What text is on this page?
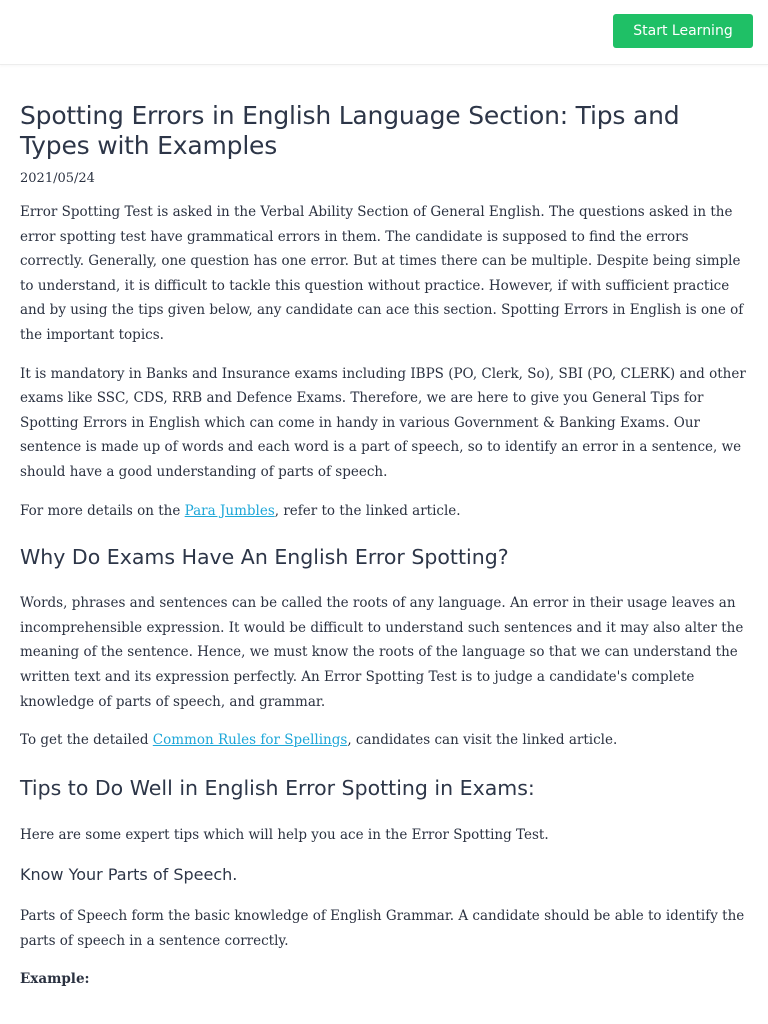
Start Learning
Spotting Errors in English Language Section: Tips and Types with Examples
2021/05/24

Error Spotting Test is asked in the Verbal Ability Section of General English. The questions asked in the error spotting test have grammatical errors in them. The candidate is supposed to find the errors correctly. Generally, one question has one error. But at times there can be multiple. Despite being simple to understand, it is difficult to tackle this question without practice. However, if with sufficient practice and by using the tips given below, any candidate can ace this section. Spotting Errors in English is one of the important topics.

It is mandatory in Banks and Insurance exams including IBPS (PO, Clerk, So), SBI (PO, CLERK) and other exams like SSC, CDS, RRB and Defence Exams. Therefore, we are here to give you General Tips for Spotting Errors in English which can come in handy in various Government & Banking Exams. Our sentence is made up of words and each word is a part of speech, so to identify an error in a sentence, we should have a good understanding of parts of speech.

For more details on the Para Jumbles, refer to the linked article.

Why Do Exams Have An English Error Spotting?

Words, phrases and sentences can be called the roots of any language. An error in their usage leaves an incomprehensible expression. It would be difficult to understand such sentences and it may also alter the meaning of the sentence. Hence, we must know the roots of the language so that we can understand the written text and its expression perfectly. An Error Spotting Test is to judge a candidate's complete knowledge of parts of speech, and grammar.

To get the detailed Common Rules for Spellings, candidates can visit the linked article.

Tips to Do Well in English Error Spotting in Exams:

Here are some expert tips which will help you ace in the Error Spotting Test.

Know Your Parts of Speech.

Parts of Speech form the basic knowledge of English Grammar. A candidate should be able to identify the parts of speech in a sentence correctly.

Example:
